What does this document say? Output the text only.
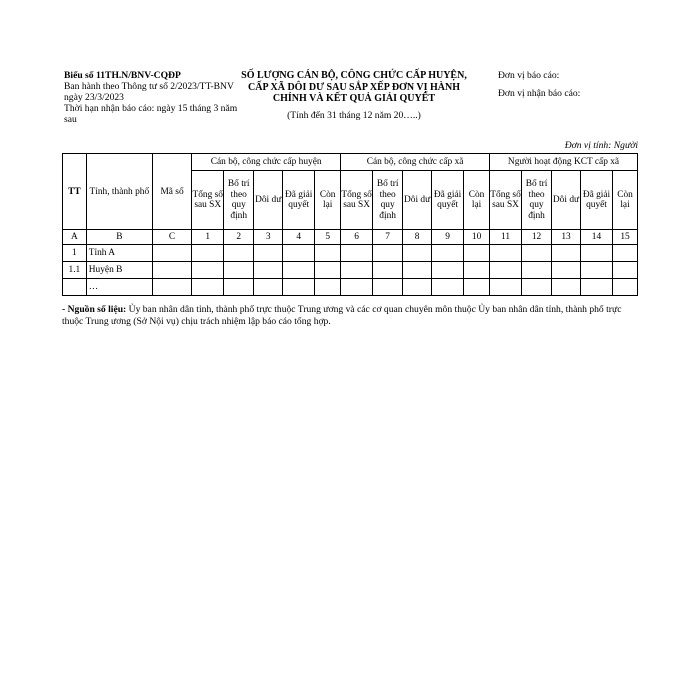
Biểu số 11TH.N/BNV-CQĐP
Ban hành theo Thông tư số 2/2023/TT-BNV ngày 23/3/2023
Thời hạn nhận báo cáo: ngày 15 tháng 3 năm sau
SỐ LƯỢNG CÁN BỘ, CÔNG CHỨC CẤP HUYỆN, CẤP XÃ DÔI DƯ SAU SẮP XẾP ĐƠN VỊ HÀNH CHÍNH VÀ KẾT QUẢ GIẢI QUYẾT
(Tính đến 31 tháng 12 năm 20…..)
Đơn vị báo cáo:
Đơn vị nhận báo cáo:
Đơn vị tính: Người
TT	Tỉnh, thành phố	Mã số	Cán bộ, công chức cấp huyện					Cán bộ, công chức cấp xã					Người hoạt động KCT cấp xã				
			Tổng số sau SX	Bố trí theo quy định	Dôi dư	Đã giải quyết	Còn lại	Tổng số sau SX	Bố trí theo quy định	Dôi dư	Đã giải quyết	Còn lại	Tổng số sau SX	Bố trí theo quy định	Dôi dư	Đã giải quyết	Còn lại
A	B	C	1	2	3	4	5	6	7	8	9	10	11	12	13	14	15
1	Tỉnh A																
1.1	Huyện B																
	…																
- Nguồn số liệu: Ủy ban nhân dân tỉnh, thành phố trực thuộc Trung ương và các cơ quan chuyên môn thuộc Ủy ban nhân dân tỉnh, thành phố trực thuộc Trung ương (Sở Nội vụ) chịu trách nhiệm lập báo cáo tổng hợp.
